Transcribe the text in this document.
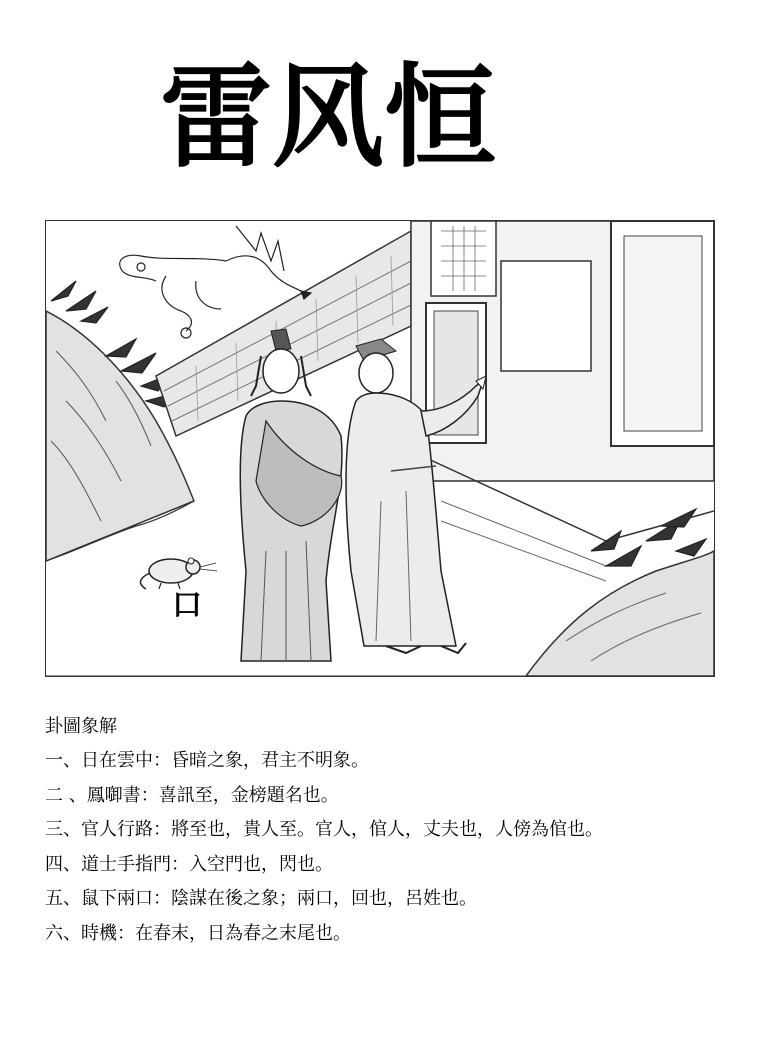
雷风恒
口
卦圖象解
一、日在雲中：昏暗之象，君主不明象。
二 、鳳啣書：喜訊至，金榜題名也。
三、官人行路：將至也，貴人至。官人，倌人，丈夫也，人傍為倌也。
四、道士手指門：入空門也，閃也。
五、鼠下兩口：陰謀在後之象；兩口，回也，呂姓也。
六、時機：在春末，日為春之末尾也。
